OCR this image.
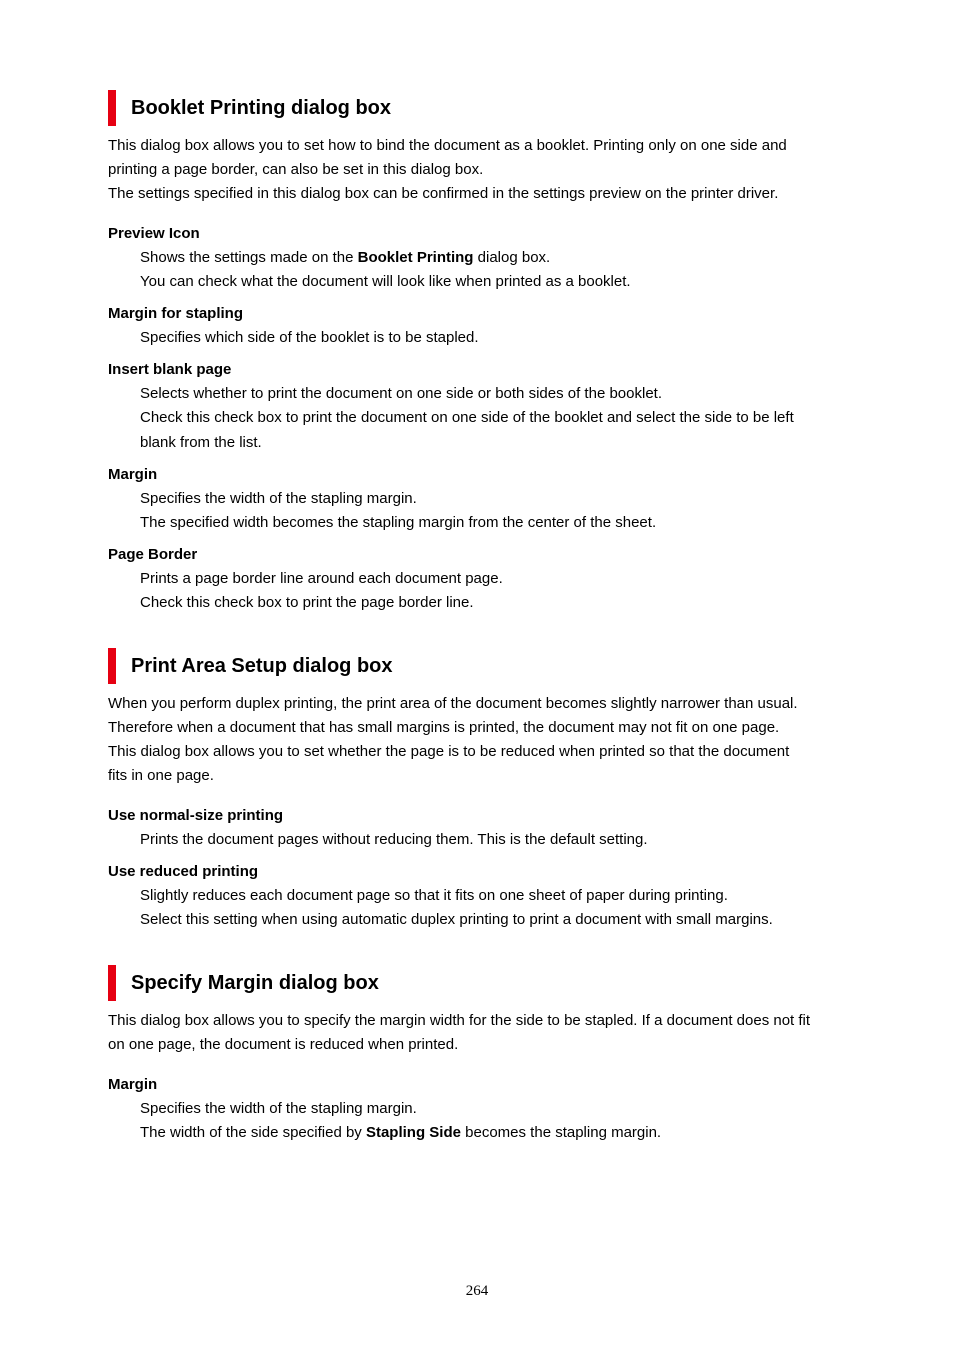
Booklet Printing dialog box

This dialog box allows you to set how to bind the document as a booklet. Printing only on one side and

printing a page border, can also be set in this dialog box.

The settings specified in this dialog box can be confirmed in the settings preview on the printer driver.

Preview Icon

Shows the settings made on the Booklet Printing dialog box.

You can check what the document will look like when printed as a booklet.

Margin for stapling

Specifies which side of the booklet is to be stapled.

Insert blank page

Selects whether to print the document on one side or both sides of the booklet.

Check this check box to print the document on one side of the booklet and select the side to be left

blank from the list.

Margin

Specifies the width of the stapling margin.

The specified width becomes the stapling margin from the center of the sheet.

Page Border

Prints a page border line around each document page.

Check this check box to print the page border line.

Print Area Setup dialog box

When you perform duplex printing, the print area of the document becomes slightly narrower than usual.

Therefore when a document that has small margins is printed, the document may not fit on one page.

This dialog box allows you to set whether the page is to be reduced when printed so that the document

fits in one page.

Use normal-size printing

Prints the document pages without reducing them. This is the default setting.

Use reduced printing

Slightly reduces each document page so that it fits on one sheet of paper during printing.

Select this setting when using automatic duplex printing to print a document with small margins.

Specify Margin dialog box

This dialog box allows you to specify the margin width for the side to be stapled. If a document does not fit

on one page, the document is reduced when printed.

Margin

Specifies the width of the stapling margin.

The width of the side specified by Stapling Side becomes the stapling margin.

264
